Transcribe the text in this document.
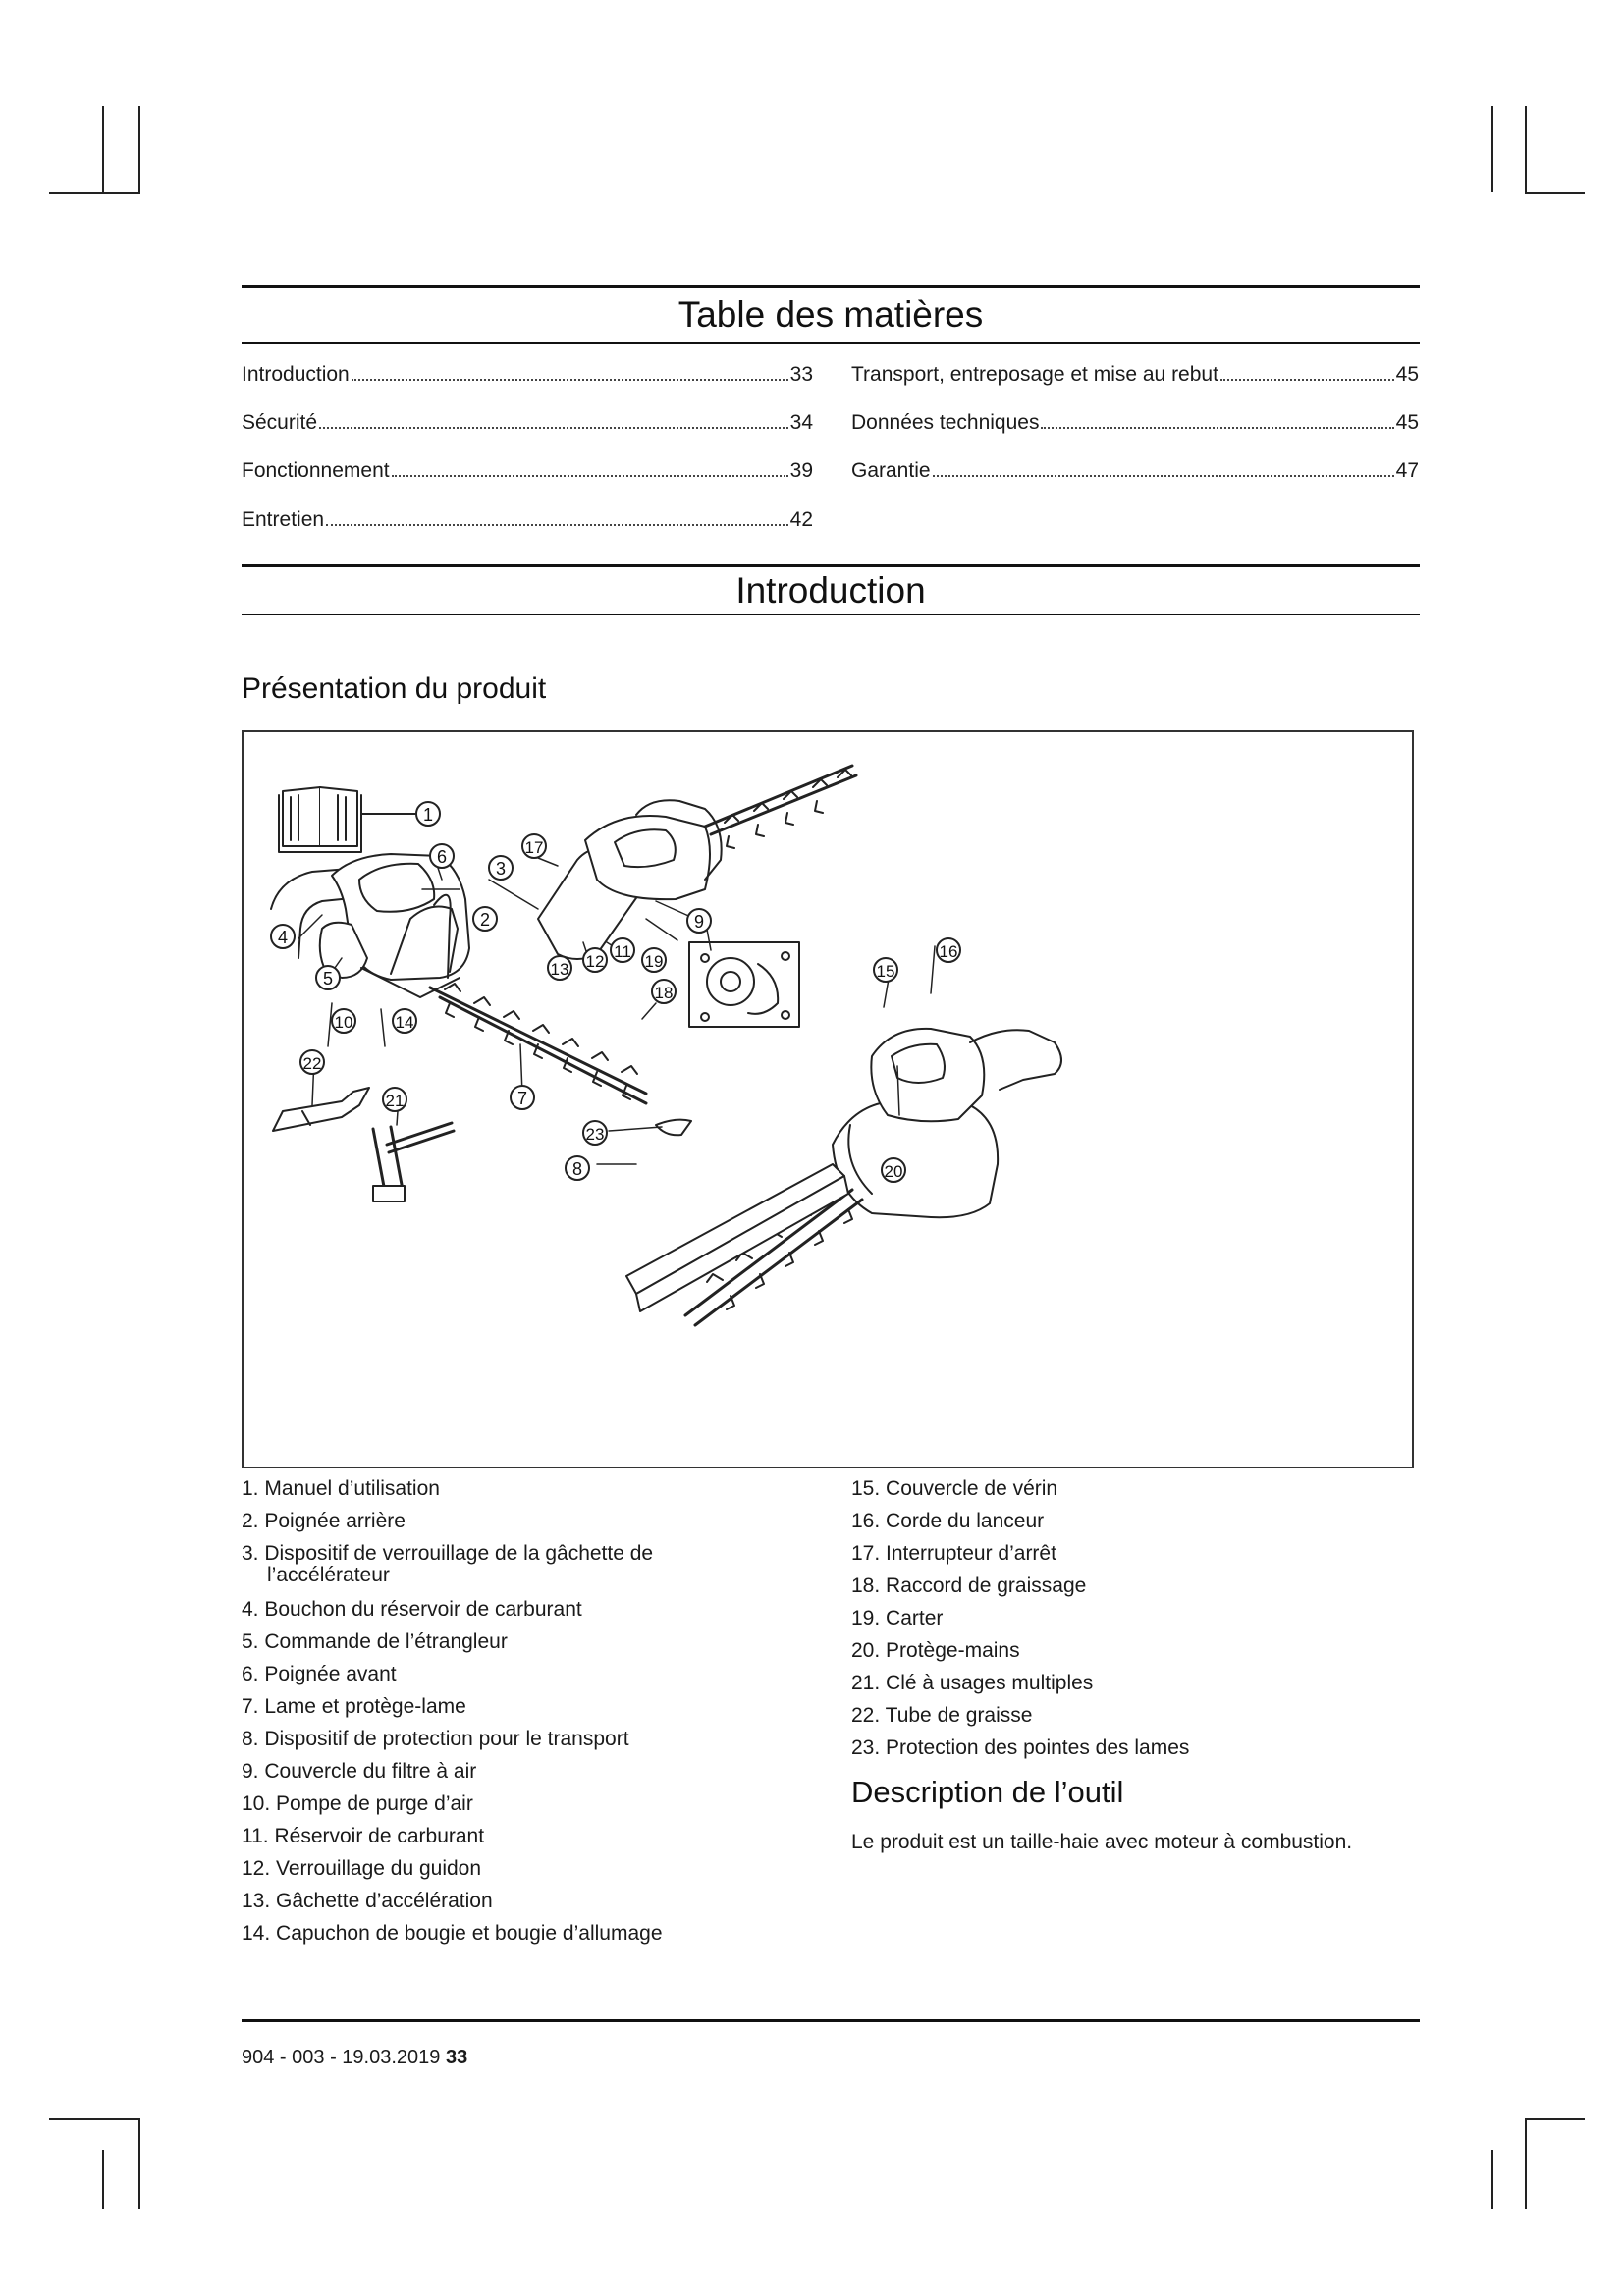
Table des matières
Introduction	33
Sécurité	34
Fonctionnement	39
Entretien	42
Transport, entreposage et mise au rebut	45
Données techniques	45
Garantie	47
Introduction
Présentation du produit
1
2
3
4
5
6
7
8
9
10
11
12
13
14
15
16
17
18
19
20
21
22
23
1. Manuel d’utilisation
2. Poignée arrière
3. Dispositif de verrouillage de la gâchette de
l’accélérateur
4. Bouchon du réservoir de carburant
5. Commande de l’étrangleur
6. Poignée avant
7. Lame et protège-lame
8. Dispositif de protection pour le transport
9. Couvercle du filtre à air
10. Pompe de purge d’air
11. Réservoir de carburant
12. Verrouillage du guidon
13. Gâchette d’accélération
14. Capuchon de bougie et bougie d’allumage
15. Couvercle de vérin
16. Corde du lanceur
17. Interrupteur d’arrêt
18. Raccord de graissage
19. Carter
20. Protège-mains
21. Clé à usages multiples
22. Tube de graisse
23. Protection des pointes des lames
Description de l’outil
Le produit est un taille-haie avec moteur à combustion.
904 - 003 - 19.03.2019 33
